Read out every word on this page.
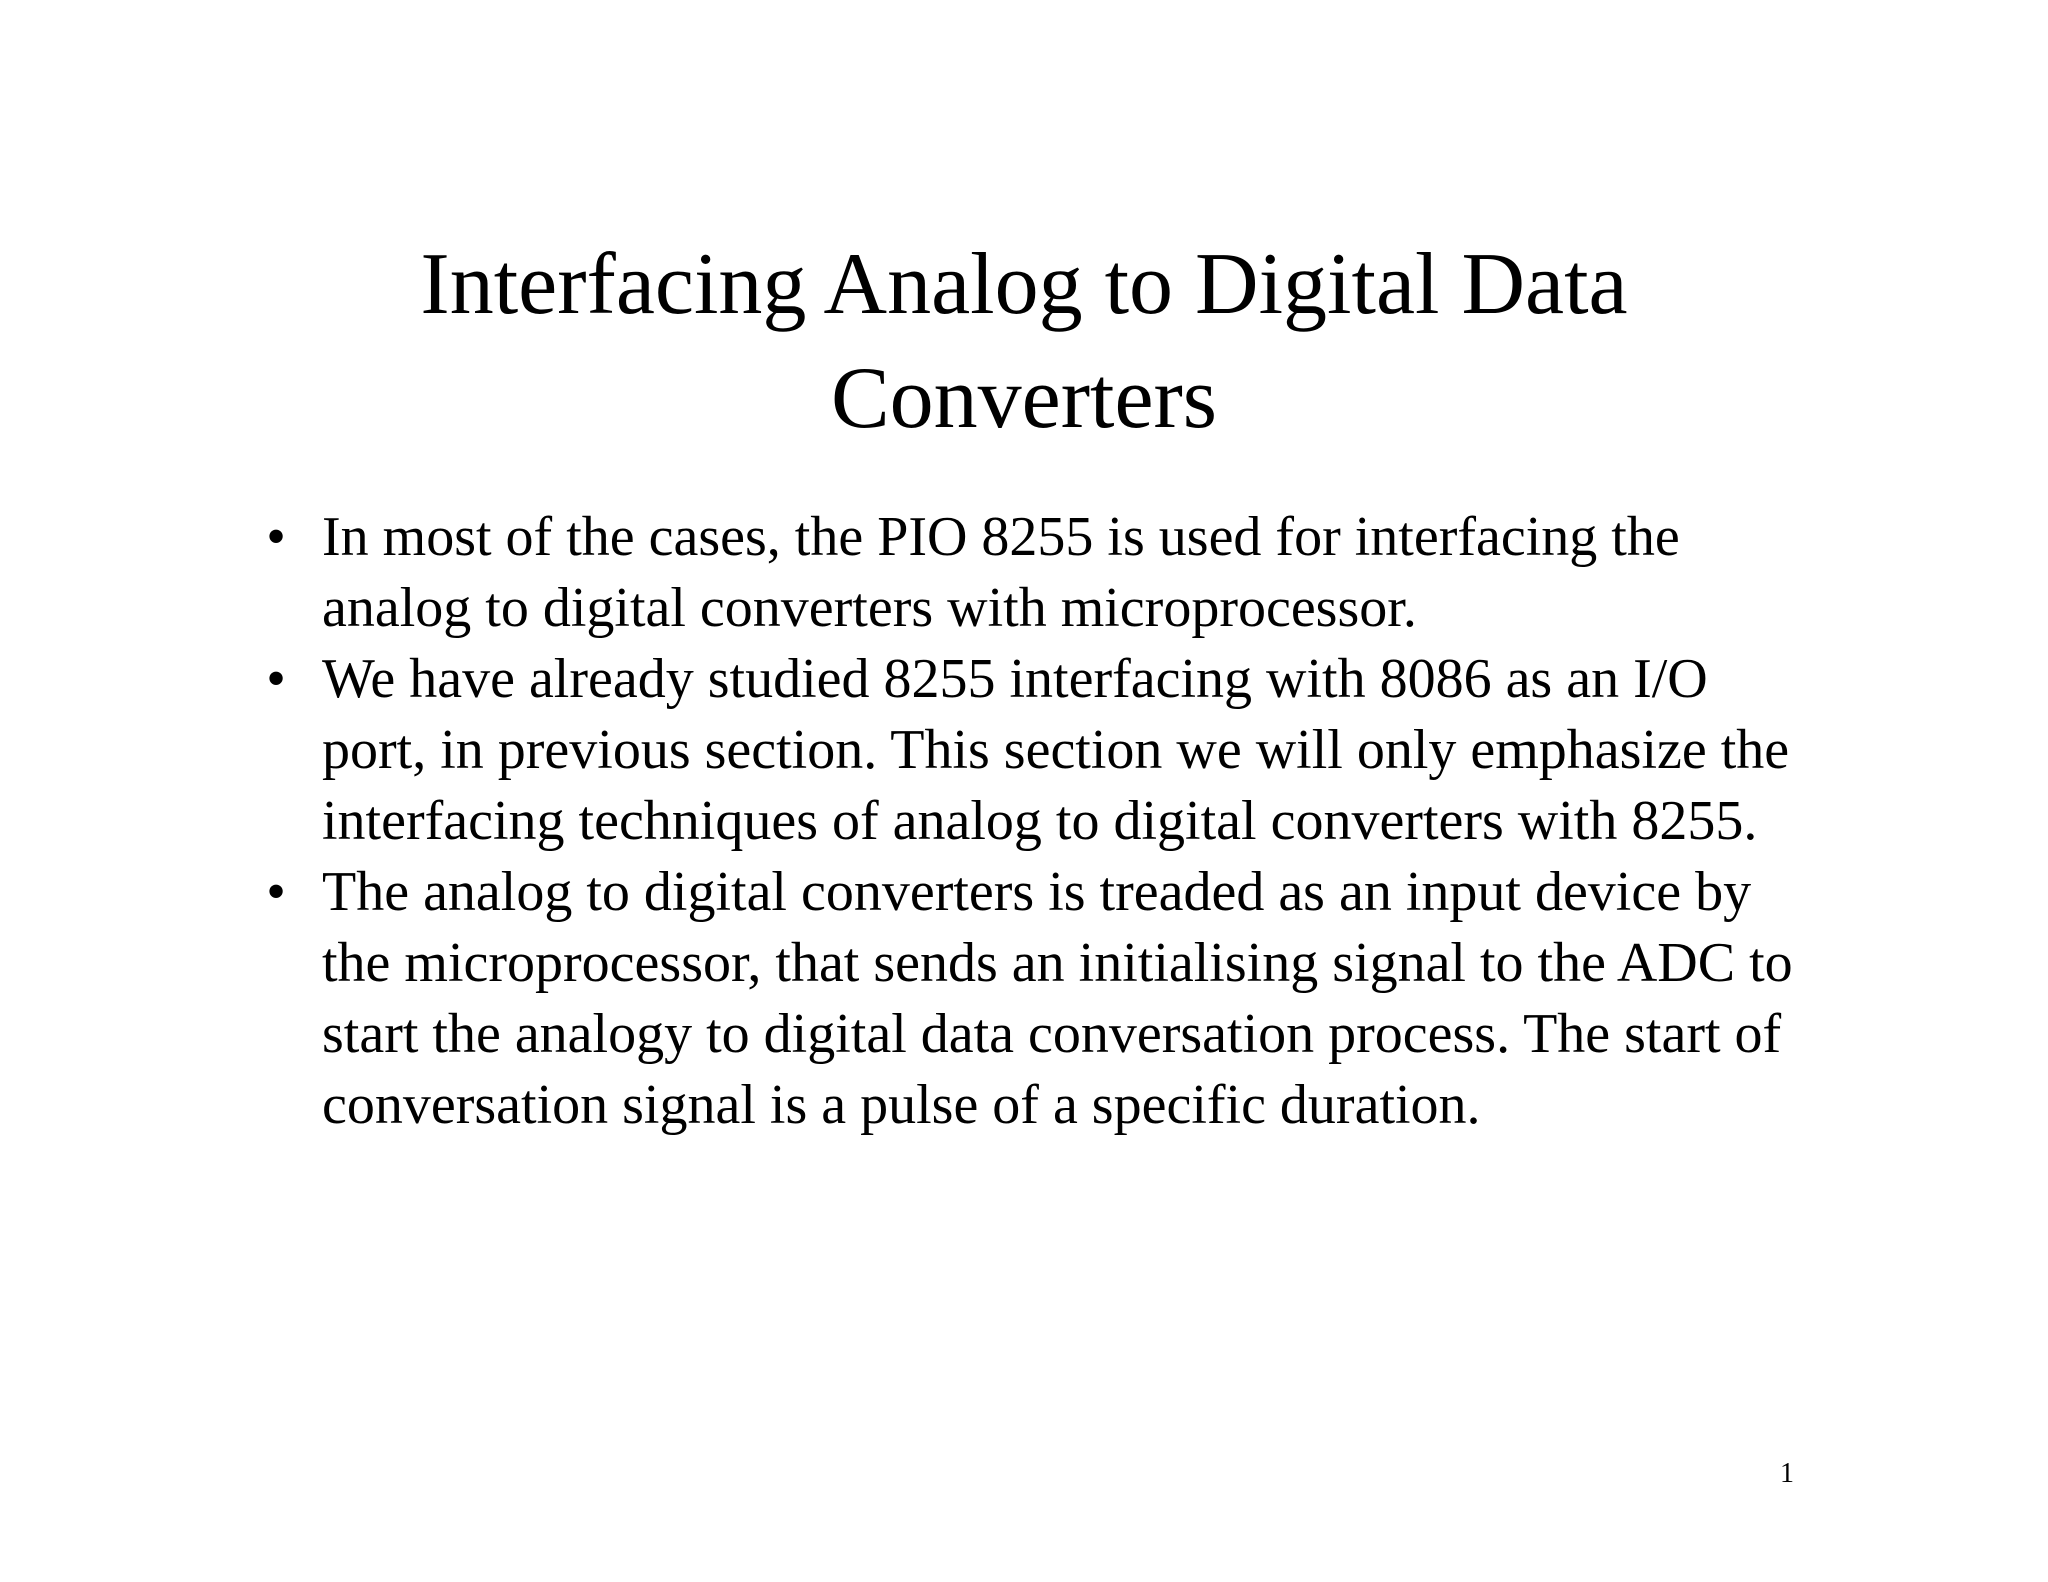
Interfacing Analog to Digital Data
Converters
• In most of the cases, the PIO 8255 is used for interfacing the analog to digital converters with microprocessor.
• We have already studied 8255 interfacing with 8086 as an I/O port, in previous section. This section we will only emphasize the interfacing techniques of analog to digital converters with 8255.
• The analog to digital converters is treaded as an input device by the microprocessor, that sends an initialising signal to the ADC to start the analogy to digital data conversation process. The start of conversation signal is a pulse of a specific duration.
1
